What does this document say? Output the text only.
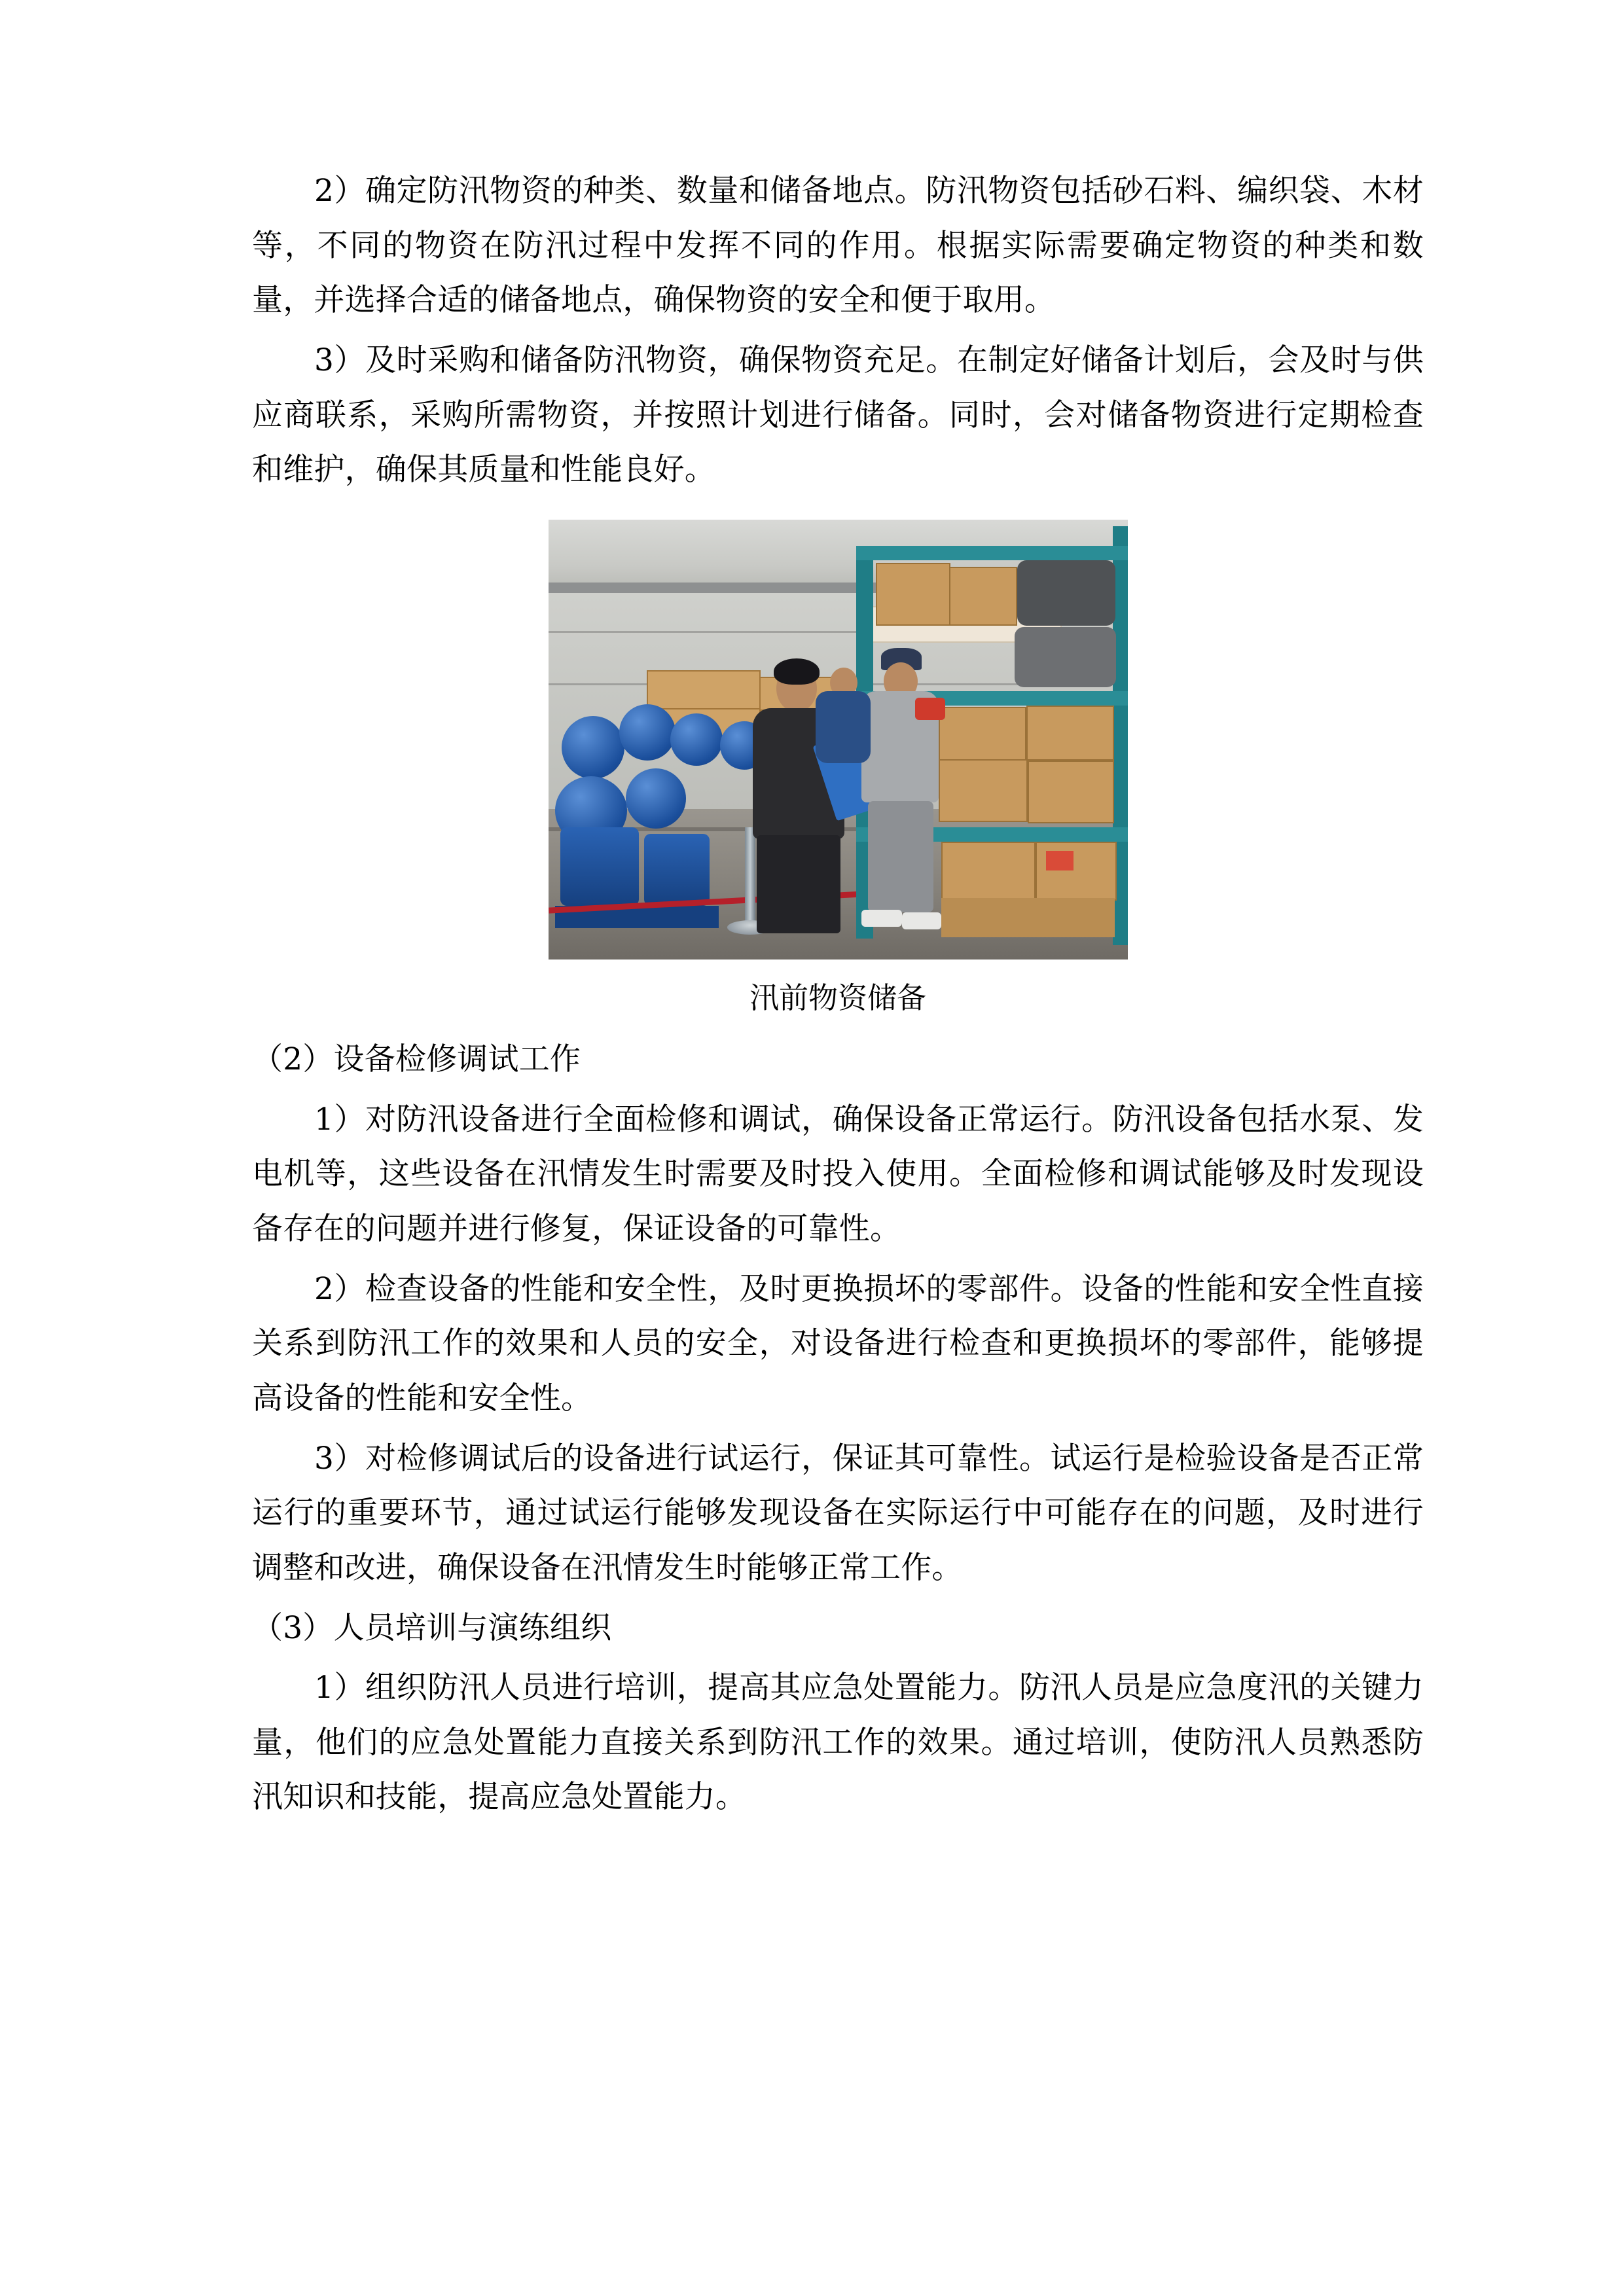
2）确定防汛物资的种类、数量和储备地点。防汛物资包括砂石料、编织袋、木材等，不同的物资在防汛过程中发挥不同的作用。根据实际需要确定物资的种类和数量，并选择合适的储备地点，确保物资的安全和便于取用。

3）及时采购和储备防汛物资，确保物资充足。在制定好储备计划后，会及时与供应商联系，采购所需物资，并按照计划进行储备。同时，会对储备物资进行定期检查和维护，确保其质量和性能良好。

汛前物资储备

（2）设备检修调试工作

1）对防汛设备进行全面检修和调试，确保设备正常运行。防汛设备包括水泵、发电机等，这些设备在汛情发生时需要及时投入使用。全面检修和调试能够及时发现设备存在的问题并进行修复，保证设备的可靠性。

2）检查设备的性能和安全性，及时更换损坏的零部件。设备的性能和安全性直接关系到防汛工作的效果和人员的安全，对设备进行检查和更换损坏的零部件，能够提高设备的性能和安全性。

3）对检修调试后的设备进行试运行，保证其可靠性。试运行是检验设备是否正常运行的重要环节，通过试运行能够发现设备在实际运行中可能存在的问题，及时进行调整和改进，确保设备在汛情发生时能够正常工作。

（3）人员培训与演练组织

1）组织防汛人员进行培训，提高其应急处置能力。防汛人员是应急度汛的关键力量，他们的应急处置能力直接关系到防汛工作的效果。通过培训，使防汛人员熟悉防汛知识和技能，提高应急处置能力。
